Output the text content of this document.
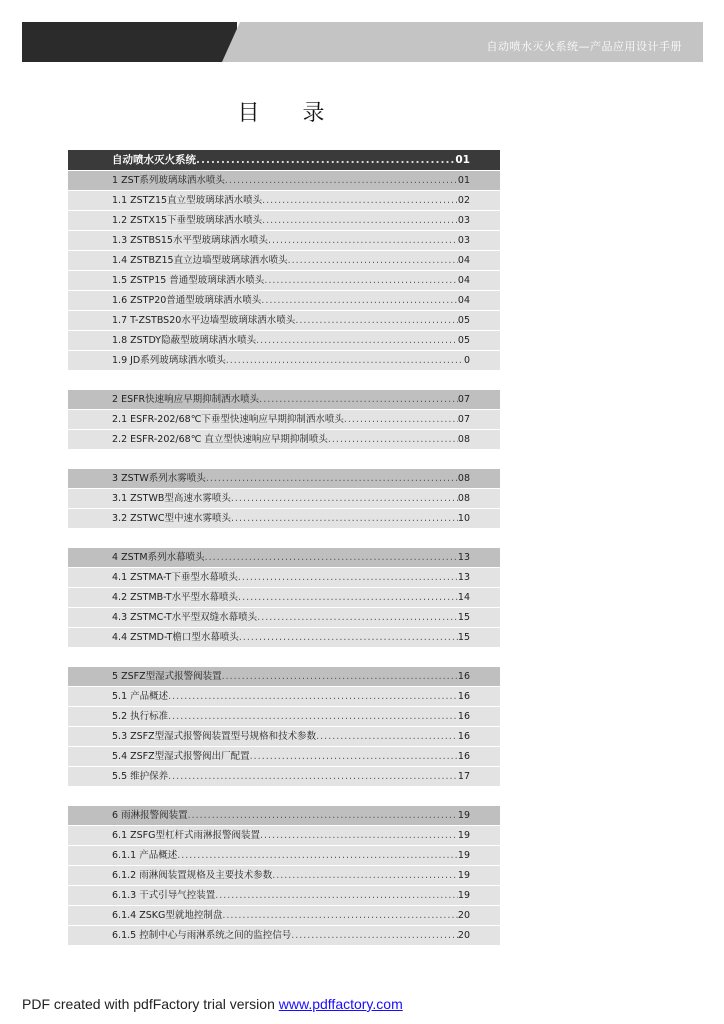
自动喷水灭火系统—产品应用设计手册
目 录
自动喷水灭火系统 .....	01
1 ZST系列玻璃球洒水喷头 .....	01
1.1 ZSTZ15直立型玻璃球洒水喷头 .....	02
1.2 ZSTX15下垂型玻璃球洒水喷头 .....	03
1.3 ZSTBS15水平型玻璃球洒水喷头 .....	03
1.4 ZSTBZ15直立边墙型玻璃球洒水喷头 .....	04
1.5 ZSTP15 普通型玻璃球洒水喷头 .....	04
1.6 ZSTP20普通型玻璃球洒水喷头 .....	04
1.7 T-ZSTBS20水平边墙型玻璃球洒水喷头 .....	05
1.8 ZSTDY隐蔽型玻璃球洒水喷头 .....	05
1.9 JD系列玻璃球洒水喷头 .....	0
2 ESFR快速响应早期抑制洒水喷头 .....	07
2.1 ESFR-202/68℃下垂型快速响应早期抑制洒水喷头 .....	07
2.2 ESFR-202/68℃ 直立型快速响应早期抑制喷头 .....	08
3 ZSTW系列水雾喷头 .....	08
3.1 ZSTWB型高速水雾喷头 .....	08
3.2 ZSTWC型中速水雾喷头 .....	10
4 ZSTM系列水幕喷头 .....	13
4.1 ZSTMA-T下垂型水幕喷头 .....	13
4.2 ZSTMB-T水平型水幕喷头 .....	14
4.3 ZSTMC-T水平型双缝水幕喷头 .....	15
4.4 ZSTMD-T檐口型水幕喷头 .....	15
5 ZSFZ型湿式报警阀装置 .....	16
5.1 产品概述 .....	16
5.2 执行标准 .....	16
5.3 ZSFZ型湿式报警阀装置型号规格和技术参数 .....	16
5.4 ZSFZ型湿式报警阀出厂配置 .....	16
5.5 维护保养 .....	17
6 雨淋报警阀装置 .....	19
6.1 ZSFG型杠杆式雨淋报警阀装置 .....	19
6.1.1 产品概述 .....	19
6.1.2 雨淋阀装置规格及主要技术参数 .....	19
6.1.3 干式引导气控装置 .....	19
6.1.4 ZSKG型就地控制盘 .....	20
6.1.5 控制中心与雨淋系统之间的监控信号 .....	20
PDF created with pdfFactory trial version www.pdffactory.com
